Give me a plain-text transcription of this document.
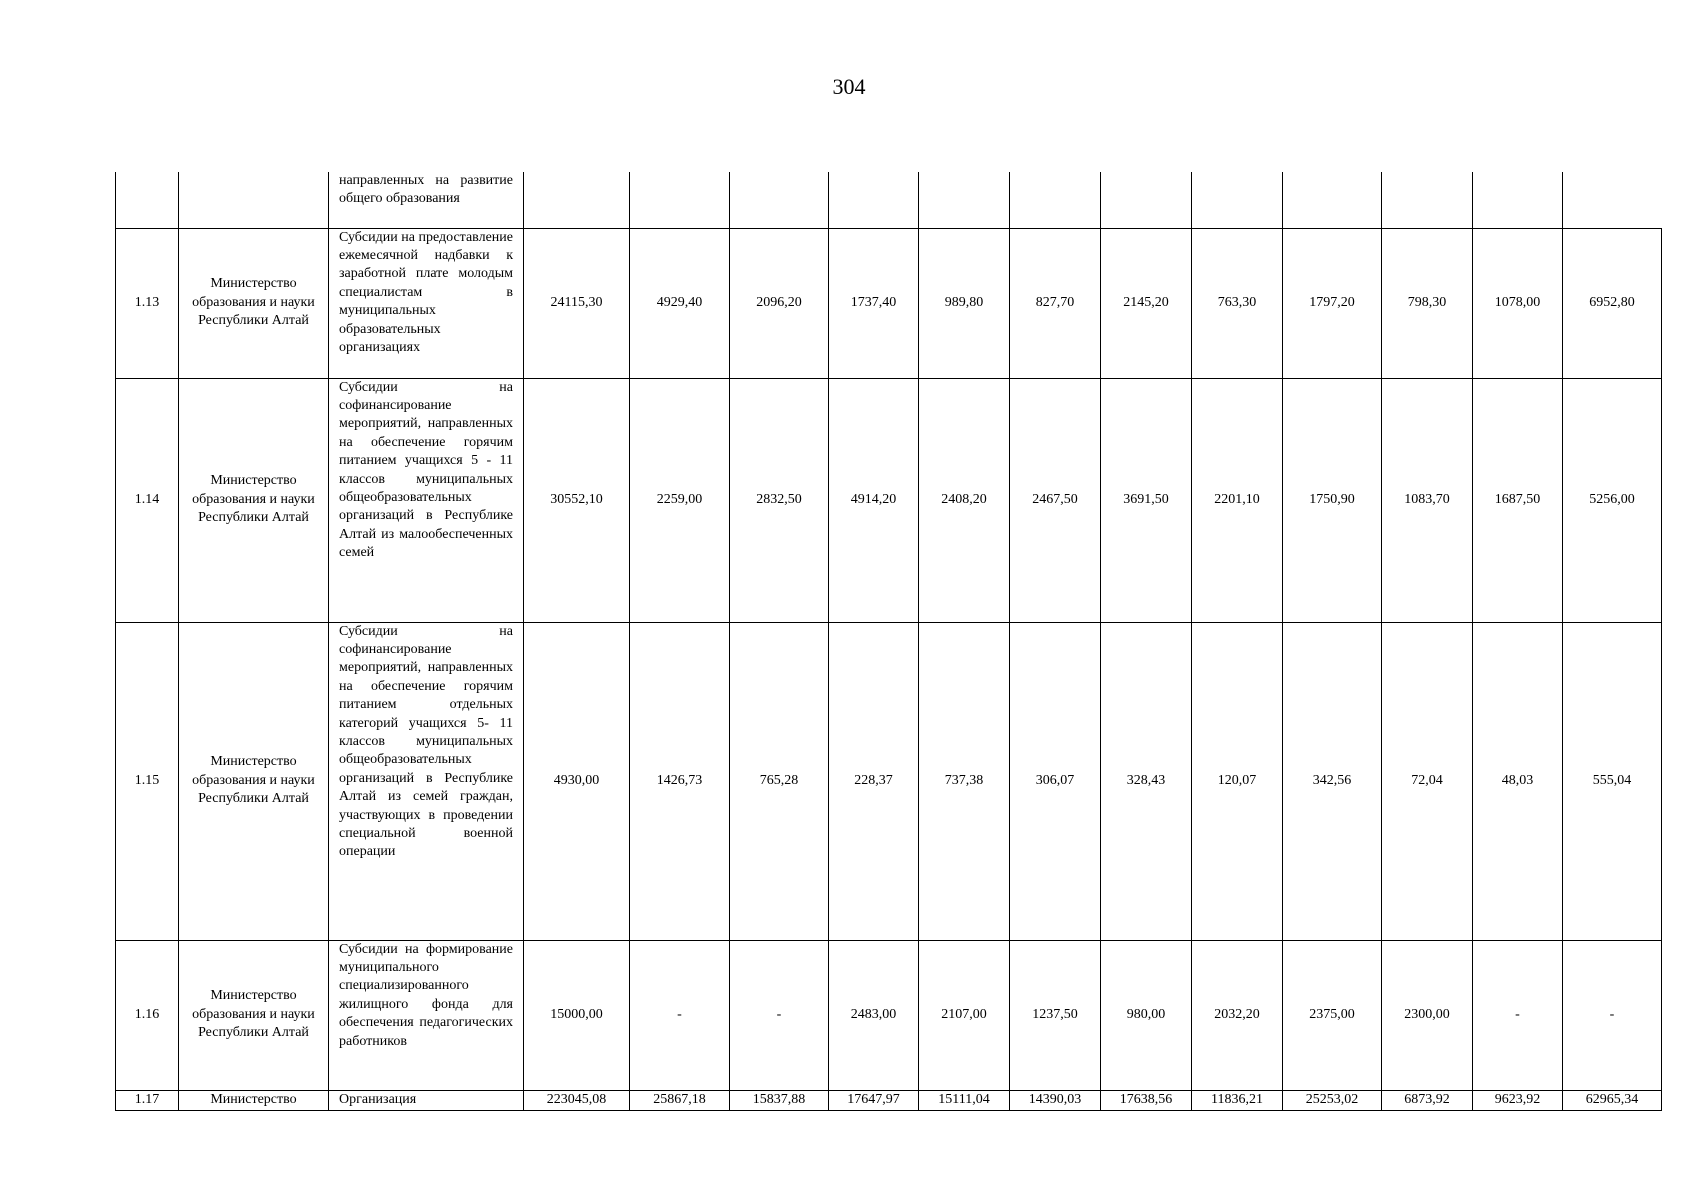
304
		направленных на развитие общего образования												
1.13	Министерство образования и науки Республики Алтай	Субсидии на предоставление ежемесячной надбавки к заработной плате молодым специалистам в муниципальных образовательных организациях	24115,30	4929,40	2096,20	1737,40	989,80	827,70	2145,20	763,30	1797,20	798,30	1078,00	6952,80
1.14	Министерство образования и науки Республики Алтай	Субсидии на софинансирование мероприятий, направленных на обеспечение горячим питанием учащихся 5 - 11 классов муниципальных общеобразовательных организаций в Республике Алтай из малообеспеченных семей	30552,10	2259,00	2832,50	4914,20	2408,20	2467,50	3691,50	2201,10	1750,90	1083,70	1687,50	5256,00
1.15	Министерство образования и науки Республики Алтай	Субсидии на софинансирование мероприятий, направленных на обеспечение горячим питанием отдельных категорий учащихся 5- 11 классов муниципальных общеобразовательных организаций в Республике Алтай из семей граждан, участвующих в проведении специальной военной операции	4930,00	1426,73	765,28	228,37	737,38	306,07	328,43	120,07	342,56	72,04	48,03	555,04
1.16	Министерство образования и науки Республики Алтай	Субсидии на формирование муниципального специализированного жилищного фонда для обеспечения педагогических работников	15000,00	-	-	2483,00	2107,00	1237,50	980,00	2032,20	2375,00	2300,00	-	-
1.17	Министерство	Организация	223045,08	25867,18	15837,88	17647,97	15111,04	14390,03	17638,56	11836,21	25253,02	6873,92	9623,92	62965,34
